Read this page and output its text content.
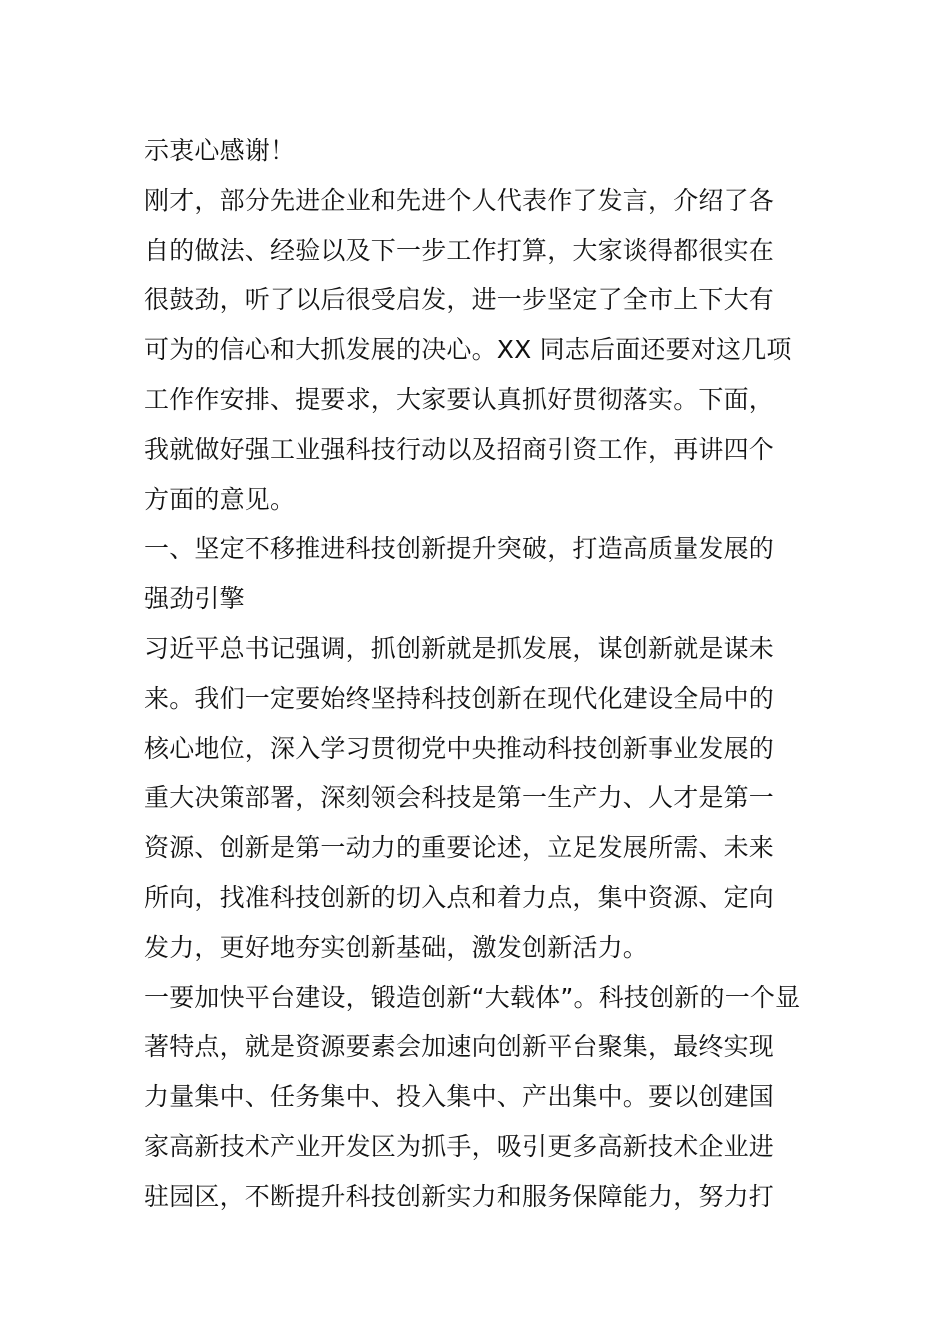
示衷心感谢！
刚才，部分先进企业和先进个人代表作了发言，介绍了各
自的做法、经验以及下一步工作打算，大家谈得都很实在
很鼓劲，听了以后很受启发，进一步坚定了全市上下大有
可为的信心和大抓发展的决心。XX 同志后面还要对这几项
工作作安排、提要求，大家要认真抓好贯彻落实。下面，
我就做好强工业强科技行动以及招商引资工作，再讲四个
方面的意见。
一、坚定不移推进科技创新提升突破，打造高质量发展的
强劲引擎
习近平总书记强调，抓创新就是抓发展，谋创新就是谋未
来。我们一定要始终坚持科技创新在现代化建设全局中的
核心地位，深入学习贯彻党中央推动科技创新事业发展的
重大决策部署，深刻领会科技是第一生产力、人才是第一
资源、创新是第一动力的重要论述，立足发展所需、未来
所向，找准科技创新的切入点和着力点，集中资源、定向
发力，更好地夯实创新基础，激发创新活力。
一要加快平台建设，锻造创新“大载体”。科技创新的一个显
著特点，就是资源要素会加速向创新平台聚集，最终实现
力量集中、任务集中、投入集中、产出集中。要以创建国
家高新技术产业开发区为抓手，吸引更多高新技术企业进
驻园区，不断提升科技创新实力和服务保障能力，努力打
